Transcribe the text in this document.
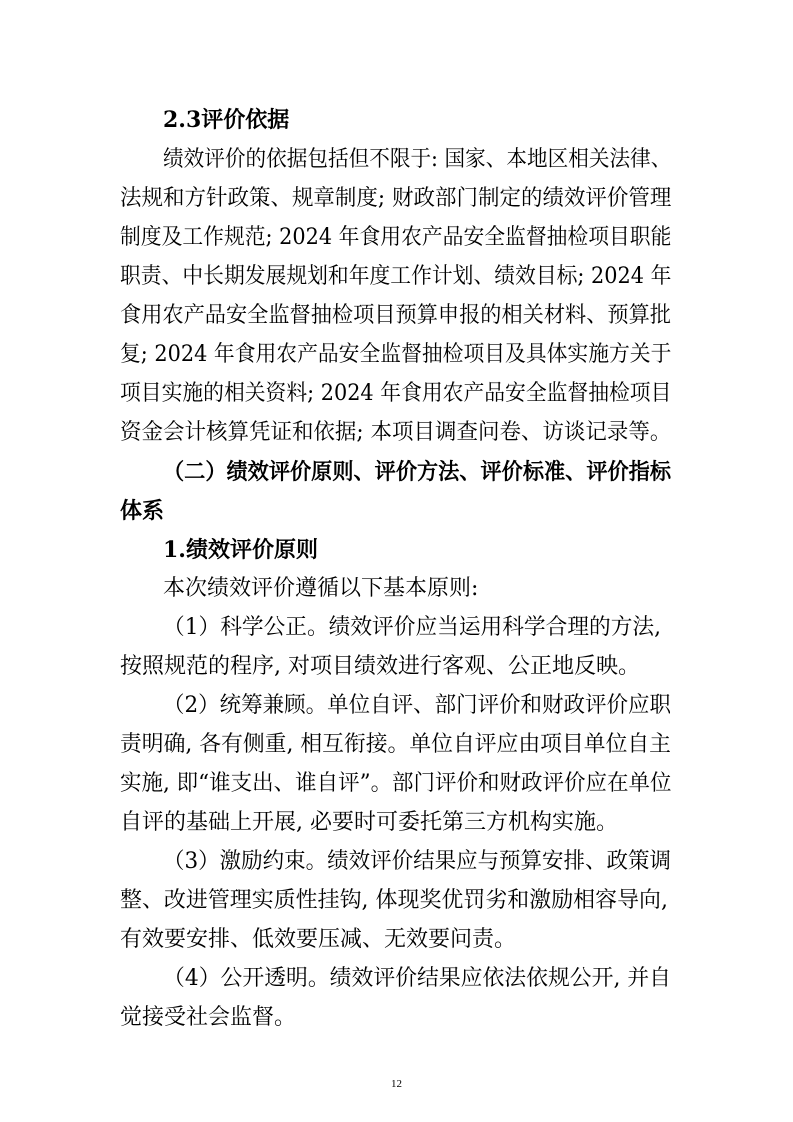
2.3评价依据
绩效评价的依据包括但不限于: 国家、本地区相关法律、
法规和方针政策、规章制度; 财政部门制定的绩效评价管理
制度及工作规范; 2024 年食用农产品安全监督抽检项目职能
职责、中长期发展规划和年度工作计划、绩效目标; 2024 年
食用农产品安全监督抽检项目预算申报的相关材料、预算批
复; 2024 年食用农产品安全监督抽检项目及具体实施方关于
项目实施的相关资料; 2024 年食用农产品安全监督抽检项目
资金会计核算凭证和依据; 本项目调查问卷、访谈记录等。
（二）绩效评价原则、评价方法、评价标准、评价指标
体系
1.绩效评价原则
本次绩效评价遵循以下基本原则:
（1）科学公正。绩效评价应当运用科学合理的方法,
按照规范的程序, 对项目绩效进行客观、公正地反映。
（2）统筹兼顾。单位自评、部门评价和财政评价应职
责明确, 各有侧重, 相互衔接。单位自评应由项目单位自主
实施, 即“谁支出、谁自评”。部门评价和财政评价应在单位
自评的基础上开展, 必要时可委托第三方机构实施。
（3）激励约束。绩效评价结果应与预算安排、政策调
整、改进管理实质性挂钩, 体现奖优罚劣和激励相容导向,
有效要安排、低效要压减、无效要问责。
（4）公开透明。绩效评价结果应依法依规公开, 并自
觉接受社会监督。
12
